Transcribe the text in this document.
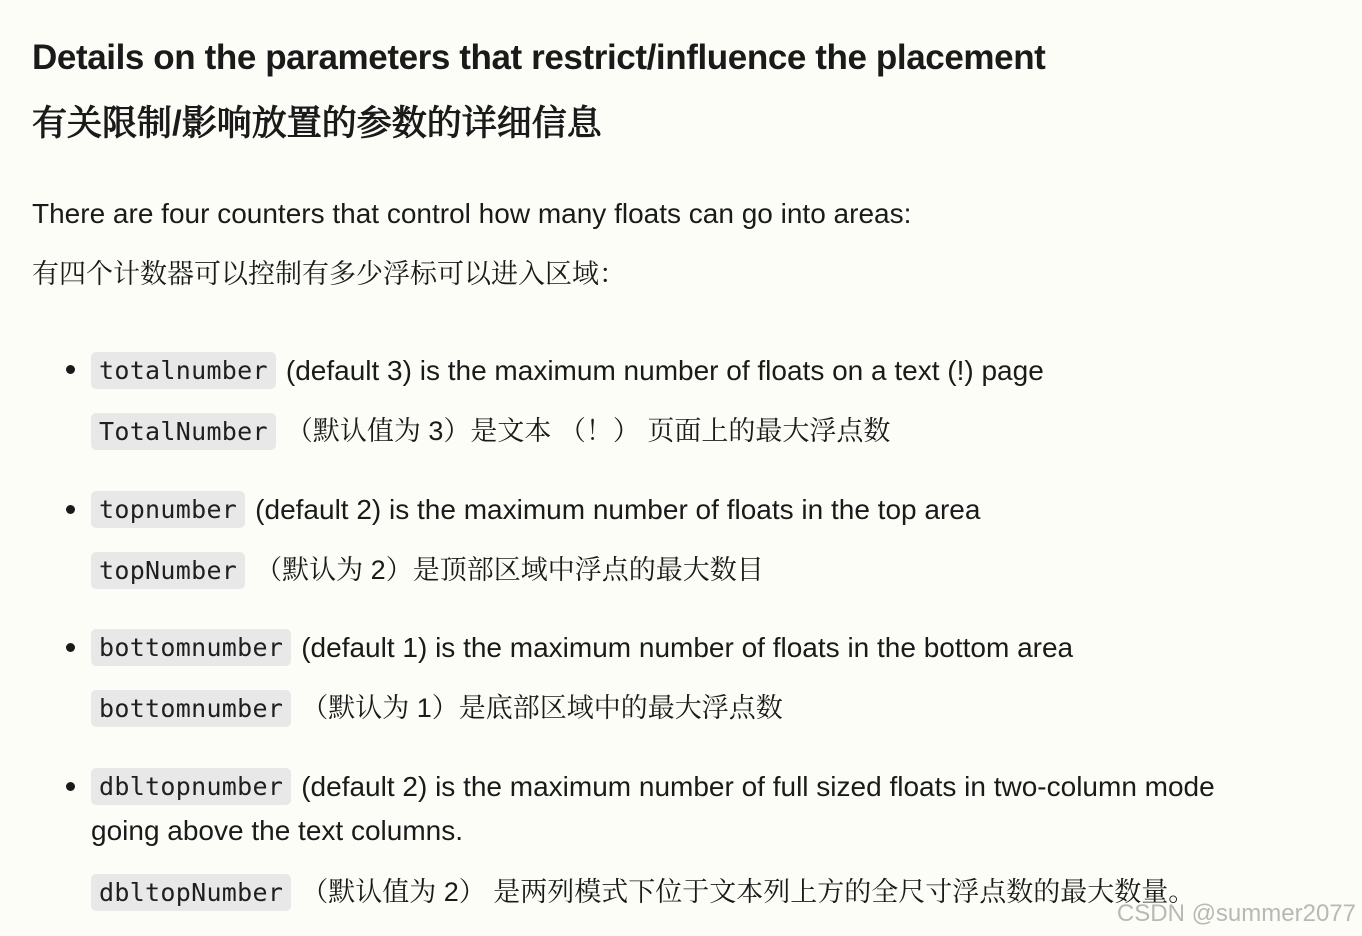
Details on the parameters that restrict/influence the placement
有关限制/影响放置的参数的详细信息
There are four counters that control how many floats can go into areas:
有四个计数器可以控制有多少浮标可以进入区域：
totalnumber (default 3) is the maximum number of floats on a text (!) page
TotalNumber （默认值为 3）是文本 （！） 页面上的最大浮点数
topnumber (default 2) is the maximum number of floats in the top area
topNumber （默认为 2）是顶部区域中浮点的最大数目
bottomnumber (default 1) is the maximum number of floats in the bottom area
bottomnumber （默认为 1）是底部区域中的最大浮点数
dbltopnumber (default 2) is the maximum number of full sized floats in two-column mode
going above the text columns.
dbltopNumber （默认值为 2） 是两列模式下位于文本列上方的全尺寸浮点数的最大数量。
CSDN @summer2077
